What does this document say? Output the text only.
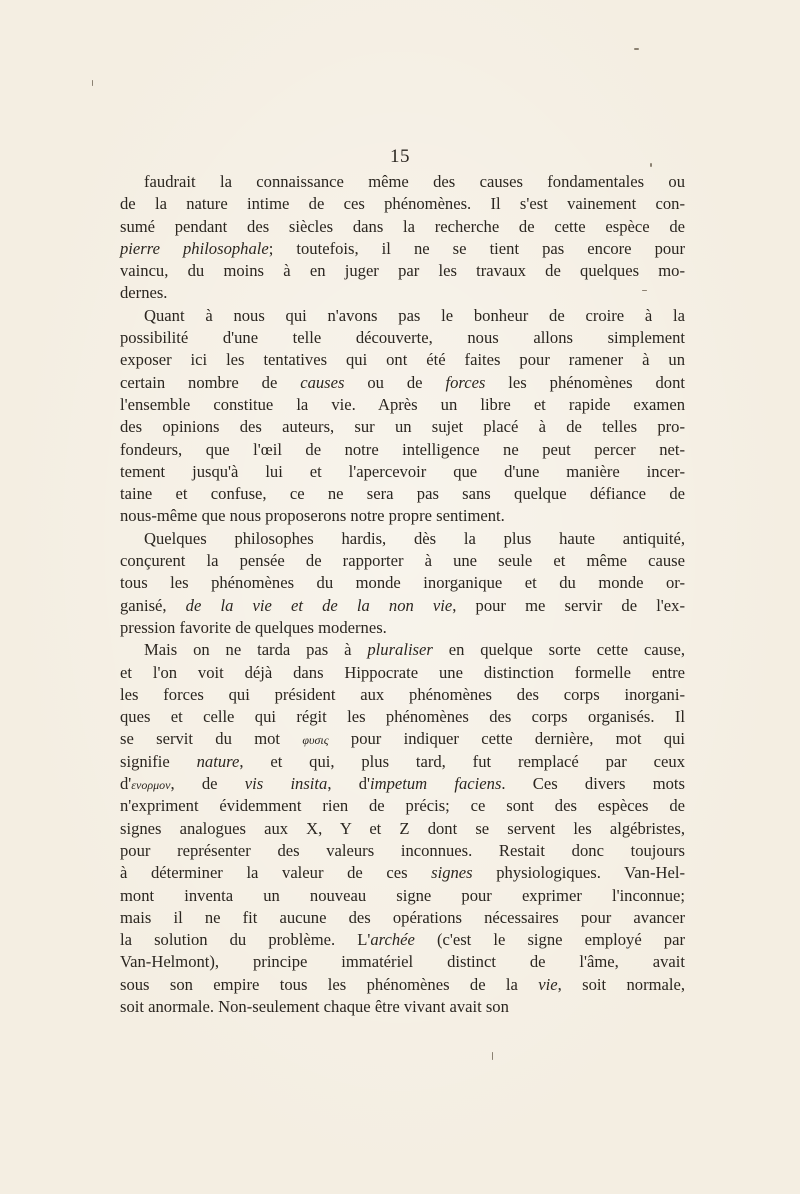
15
faudrait la connaissance même des causes fondamentales ou
de la nature intime de ces phénomènes. Il s'est vainement con-
sumé pendant des siècles dans la recherche de cette espèce de
pierre philosophale; toutefois, il ne se tient pas encore pour
vaincu, du moins à en juger par les travaux de quelques mo-
dernes.
Quant à nous qui n'avons pas le bonheur de croire à la
possibilité d'une telle découverte, nous allons simplement
exposer ici les tentatives qui ont été faites pour ramener à un
certain nombre de causes ou de forces les phénomènes dont
l'ensemble constitue la vie. Après un libre et rapide examen
des opinions des auteurs, sur un sujet placé à de telles pro-
fondeurs, que l'œil de notre intelligence ne peut percer net-
tement jusqu'à lui et l'apercevoir que d'une manière incer-
taine et confuse, ce ne sera pas sans quelque défiance de
nous-même que nous proposerons notre propre sentiment.
Quelques philosophes hardis, dès la plus haute antiquité,
conçurent la pensée de rapporter à une seule et même cause
tous les phénomènes du monde inorganique et du monde or-
ganisé, de la vie et de la non vie, pour me servir de l'ex-
pression favorite de quelques modernes.
Mais on ne tarda pas à pluraliser en quelque sorte cette cause,
et l'on voit déjà dans Hippocrate une distinction formelle entre
les forces qui président aux phénomènes des corps inorgani-
ques et celle qui régit les phénomènes des corps organisés. Il
se servit du mot φυσις pour indiquer cette dernière, mot qui
signifie nature, et qui, plus tard, fut remplacé par ceux
d'ενορμον, de vis insita, d'impetum faciens. Ces divers mots
n'expriment évidemment rien de précis; ce sont des espèces de
signes analogues aux X, Y et Z dont se servent les algébristes,
pour représenter des valeurs inconnues. Restait donc toujours
à déterminer la valeur de ces signes physiologiques. Van-Hel-
mont inventa un nouveau signe pour exprimer l'inconnue;
mais il ne fit aucune des opérations nécessaires pour avancer
la solution du problème. L'archée (c'est le signe employé par
Van-Helmont), principe immatériel distinct de l'âme, avait
sous son empire tous les phénomènes de la vie, soit normale,
soit anormale. Non-seulement chaque être vivant avait son
